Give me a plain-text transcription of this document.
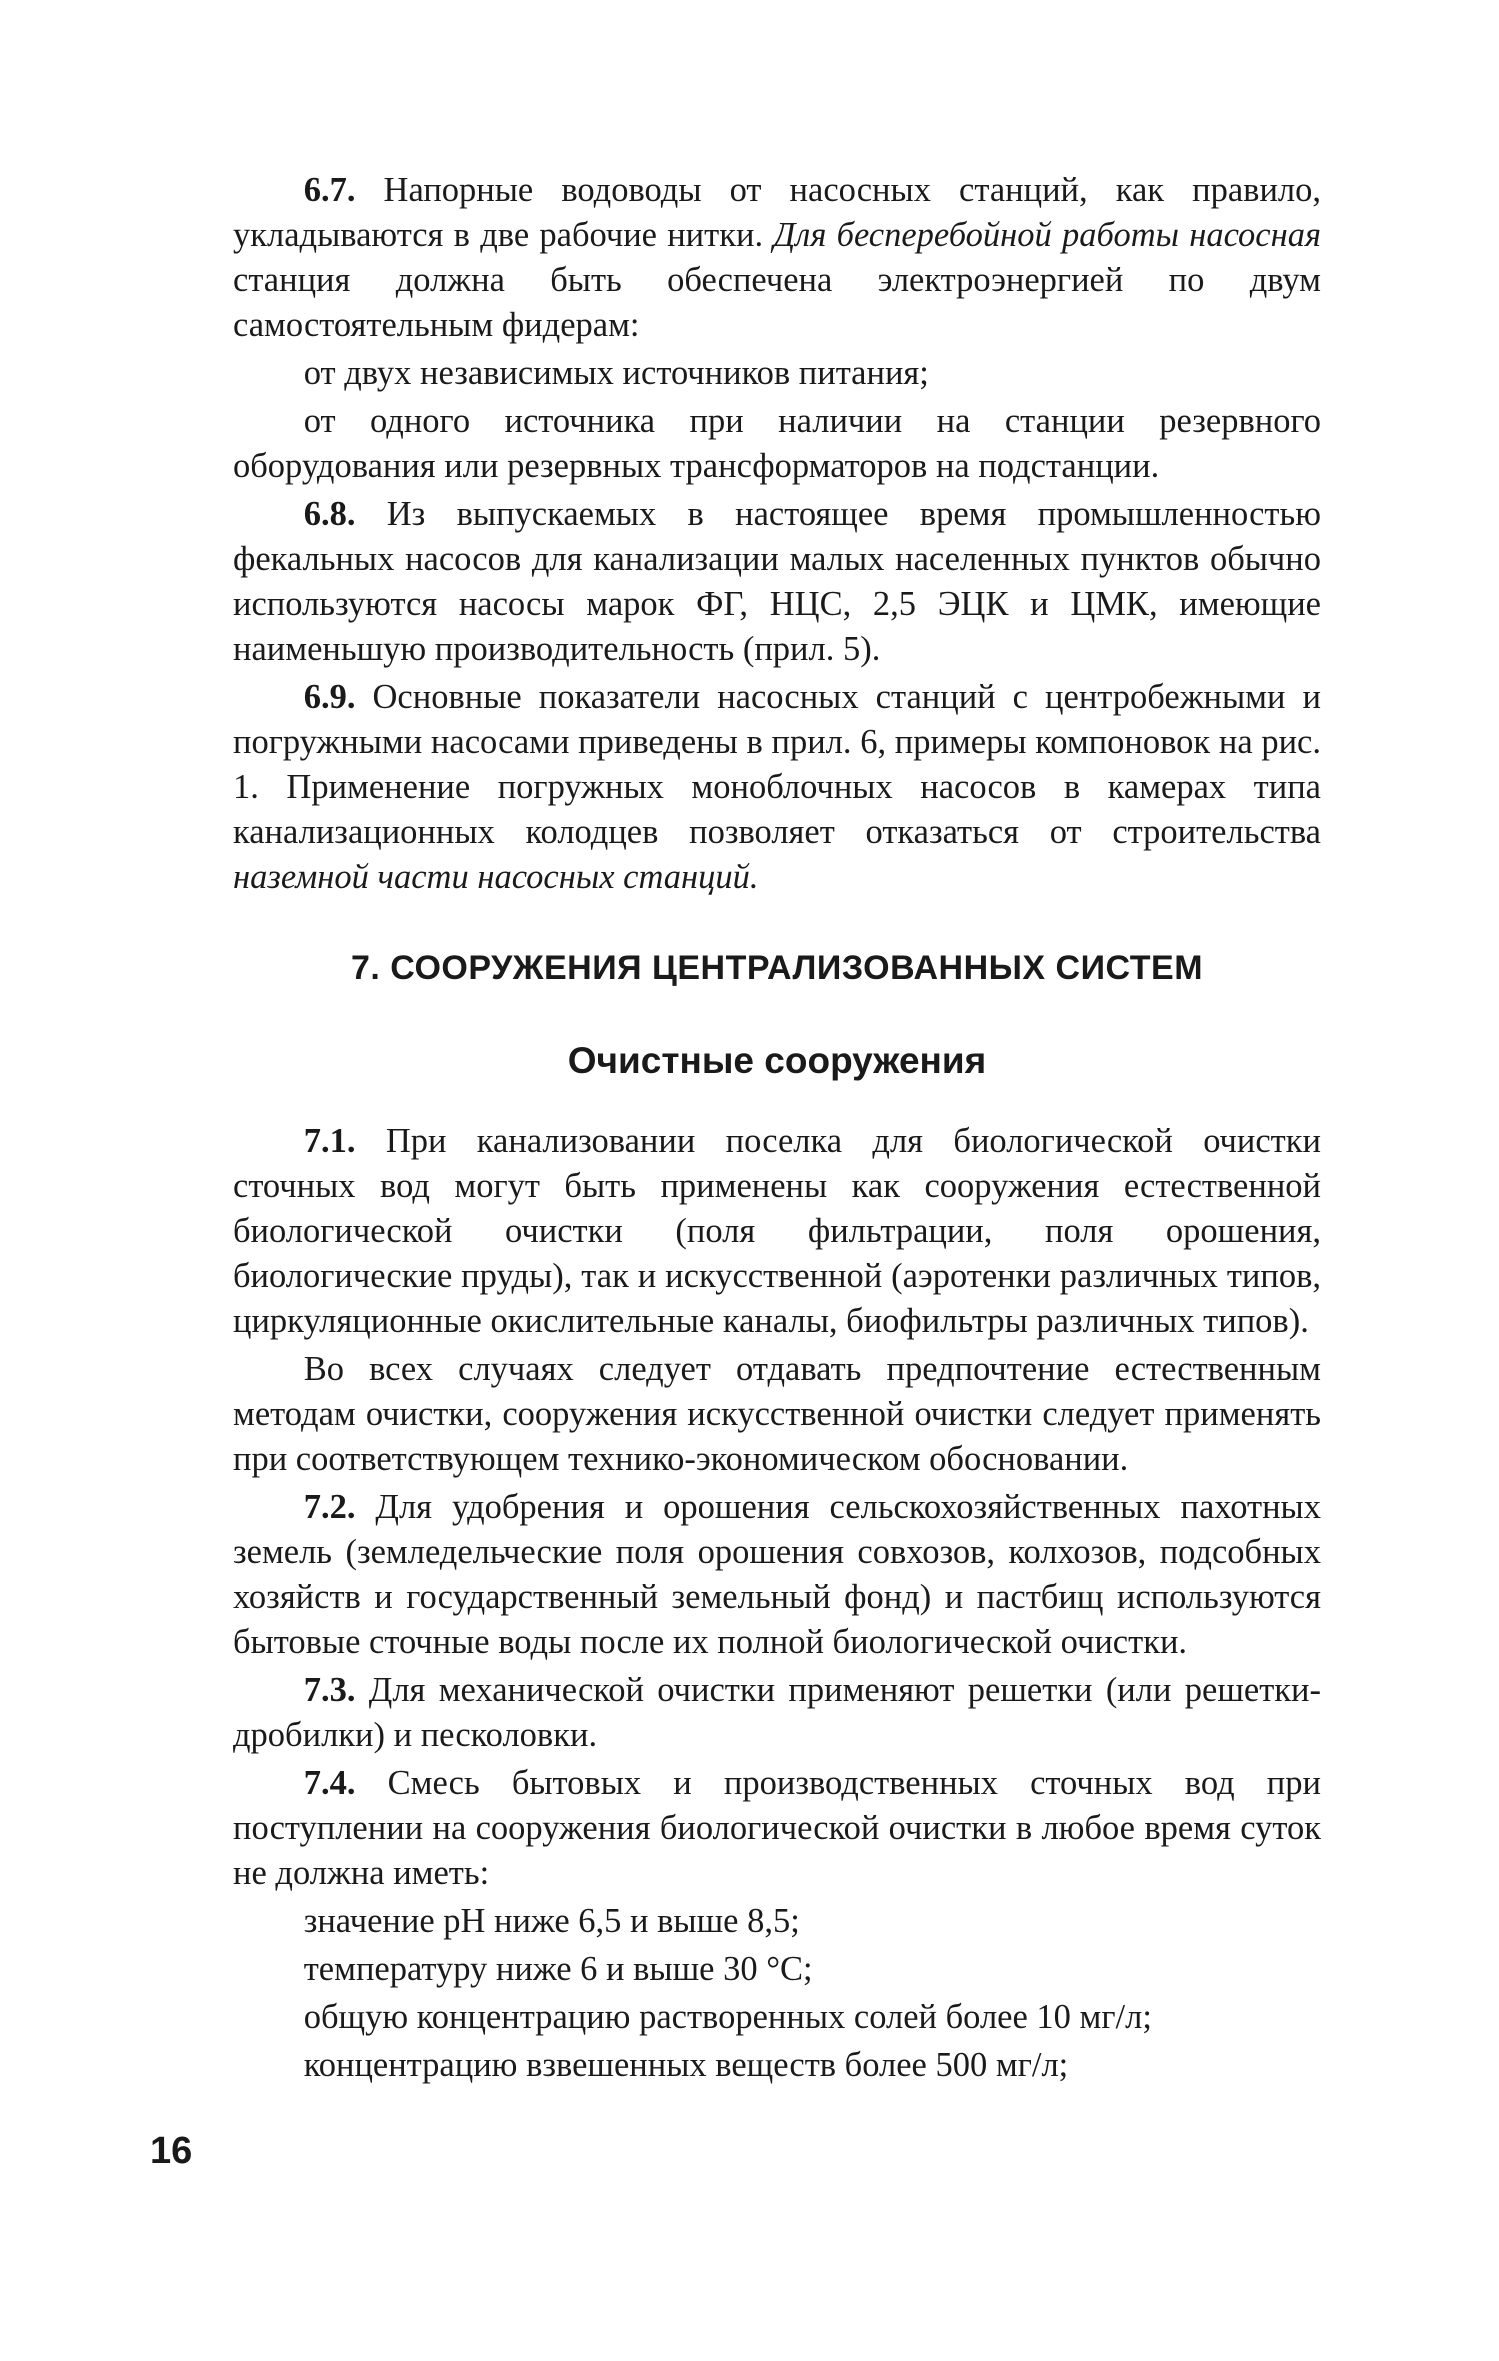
6.7. Напорные водоводы от насосных станций, как правило, укладываются в две рабочие нитки. Для бесперебойной работы насосная станция должна быть обеспечена электроэнергией по двум самостоятельным фидерам:

от двух независимых источников питания;

от одного источника при наличии на станции резервного оборудования или резервных трансформаторов на подстанции.

6.8. Из выпускаемых в настоящее время промышленностью фекальных насосов для канализации малых населенных пунктов обычно используются насосы марок ФГ, НЦС, 2,5 ЭЦК и ЦМК, имеющие наименьшую производительность (прил. 5).

6.9. Основные показатели насосных станций с центробежными и погружными насосами приведены в прил. 6, примеры компоновок на рис. 1. Применение погружных моноблочных насосов в камерах типа канализационных колодцев позволяет отказаться от строительства наземной части насосных станций.

7. СООРУЖЕНИЯ ЦЕНТРАЛИЗОВАННЫХ СИСТЕМ

Очистные сооружения

7.1. При канализовании поселка для биологической очистки сточных вод могут быть применены как сооружения естественной биологической очистки (поля фильтрации, поля орошения, биологические пруды), так и искусственной (аэротенки различных типов, циркуляционные окислительные каналы, биофильтры различных типов).

Во всех случаях следует отдавать предпочтение естественным методам очистки, сооружения искусственной очистки следует применять при соответствующем технико-экономическом обосновании.

7.2. Для удобрения и орошения сельскохозяйственных пахотных земель (земледельческие поля орошения совхозов, колхозов, подсобных хозяйств и государственный земельный фонд) и пастбищ используются бытовые сточные воды после их полной биологической очистки.

7.3. Для механической очистки применяют решетки (или решетки-дробилки) и песколовки.

7.4. Смесь бытовых и производственных сточных вод при поступлении на сооружения биологической очистки в любое время суток не должна иметь:

значение pH ниже 6,5 и выше 8,5;

температуру ниже 6 и выше 30 °C;

общую концентрацию растворенных солей более 10 мг/л;

концентрацию взвешенных веществ более 500 мг/л;

16
